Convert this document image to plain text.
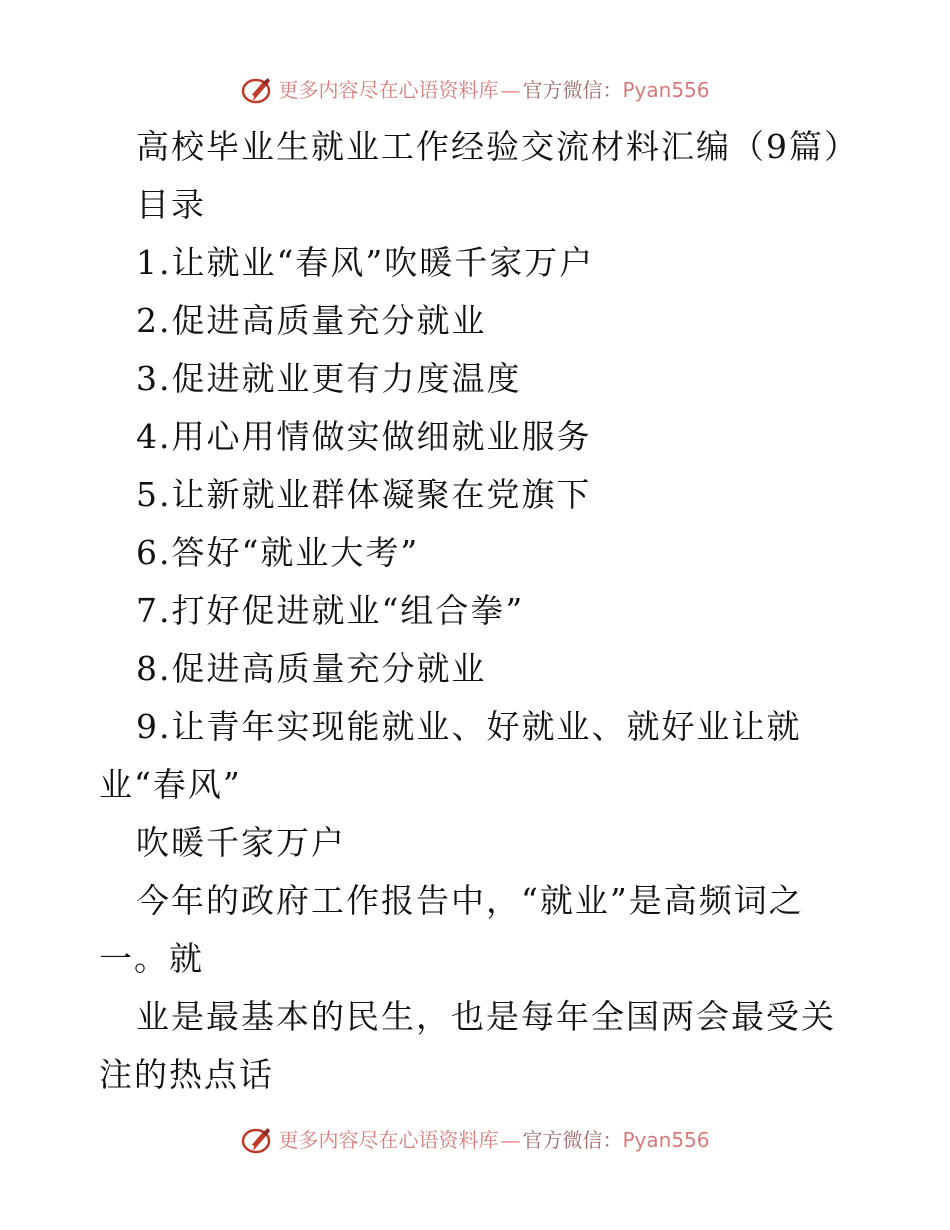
更多内容尽在心语资料库 — 官方微信： Pyan556

高校毕业生就业工作经验交流材料汇编（9篇）

目录

1.让就业“春风”吹暖千家万户

2.促进高质量充分就业

3.促进就业更有力度温度

4.用心用情做实做细就业服务

5.让新就业群体凝聚在党旗下

6.答好“就业大考”

7.打好促进就业“组合拳”

8.促进高质量充分就业

9.让青年实现能就业、好就业、就好业让就业“春风”

吹暖千家万户

今年的政府工作报告中，“就业”是高频词之一。就

业是最基本的民生，也是每年全国两会最受关注的热点话

更多内容尽在心语资料库 — 官方微信： Pyan556
